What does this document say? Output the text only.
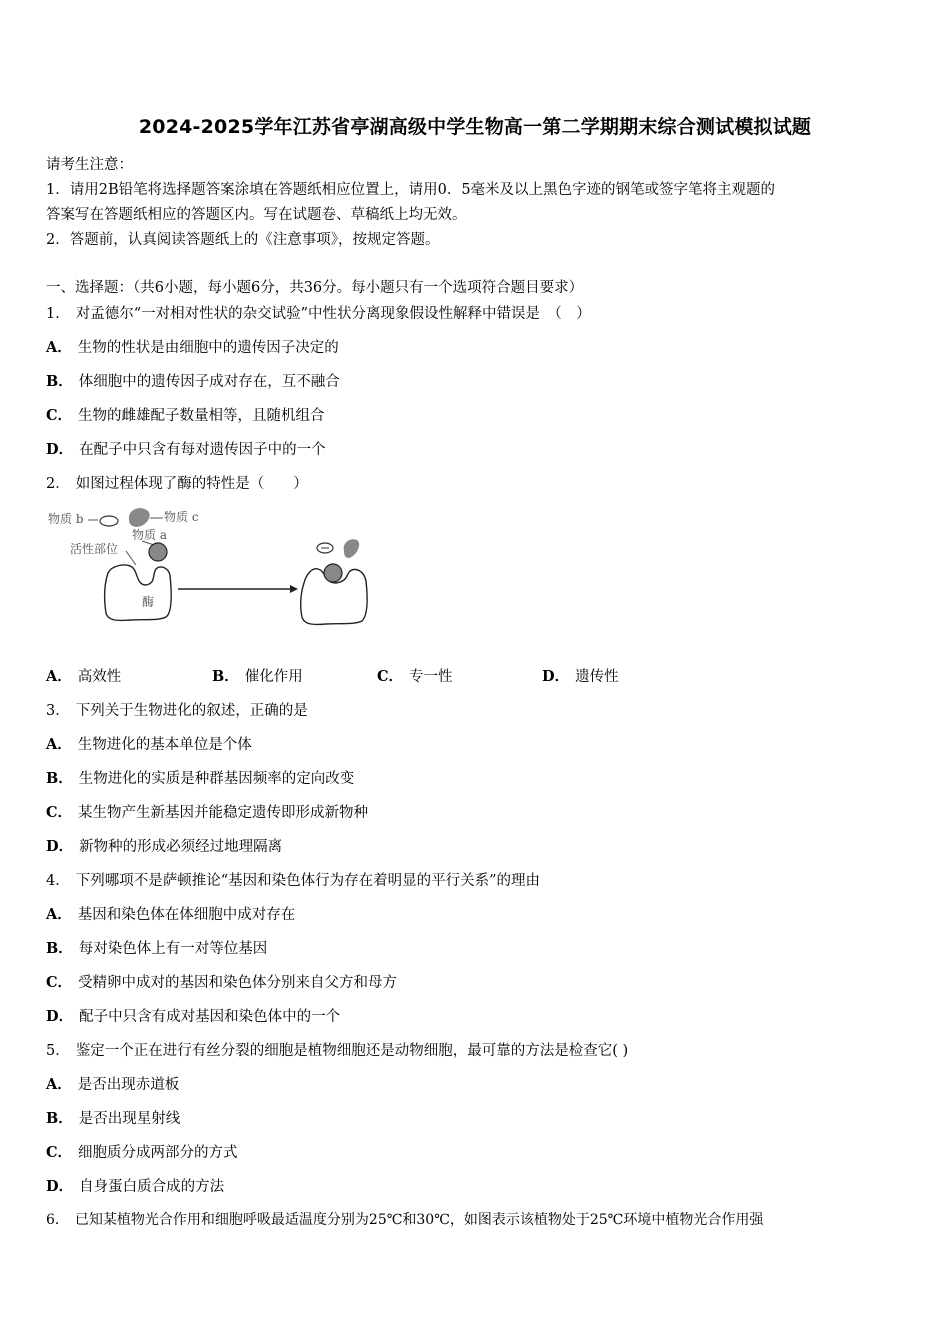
2024-2025学年江苏省亭湖高级中学生物高一第二学期期末综合测试模拟试题
请考生注意：
1．请用2B铅笔将选择题答案涂填在答题纸相应位置上，请用0．5毫米及以上黑色字迹的钢笔或签字笔将主观题的
答案写在答题纸相应的答题区内。写在试题卷、草稿纸上均无效。
2．答题前，认真阅读答题纸上的《注意事项》，按规定答题。
一、选择题：（共6小题，每小题6分，共36分。每小题只有一个选项符合题目要求）
1． 对孟德尔“一对相对性状的杂交试验”中性状分离现象假设性解释中错误是　（　）
A． 生物的性状是由细胞中的遗传因子决定的
B． 体细胞中的遗传因子成对存在，互不融合
C． 生物的雌雄配子数量相等，且随机组合
D． 在配子中只含有每对遗传因子中的一个
2． 如图过程体现了酶的特性是（　　）
物质 b	物质 c
物质 a
活性部位
酶
A． 高效性	B． 催化作用	C． 专一性	D． 遗传性
3． 下列关于生物进化的叙述，正确的是
A． 生物进化的基本单位是个体
B． 生物进化的实质是种群基因频率的定向改变
C． 某生物产生新基因并能稳定遗传即形成新物种
D． 新物种的形成必须经过地理隔离
4． 下列哪项不是萨顿推论“基因和染色体行为存在着明显的平行关系”的理由
A． 基因和染色体在体细胞中成对存在
B． 每对染色体上有一对等位基因
C． 受精卵中成对的基因和染色体分别来自父方和母方
D． 配子中只含有成对基因和染色体中的一个
5． 鉴定一个正在进行有丝分裂的细胞是植物细胞还是动物细胞，最可靠的方法是检查它( )
A． 是否出现赤道板
B． 是否出现星射线
C． 细胞质分成两部分的方式
D． 自身蛋白质合成的方法
6． 已知某植物光合作用和细胞呼吸最适温度分别为25℃和30℃，如图表示该植物处于25℃环境中植物光合作用强
